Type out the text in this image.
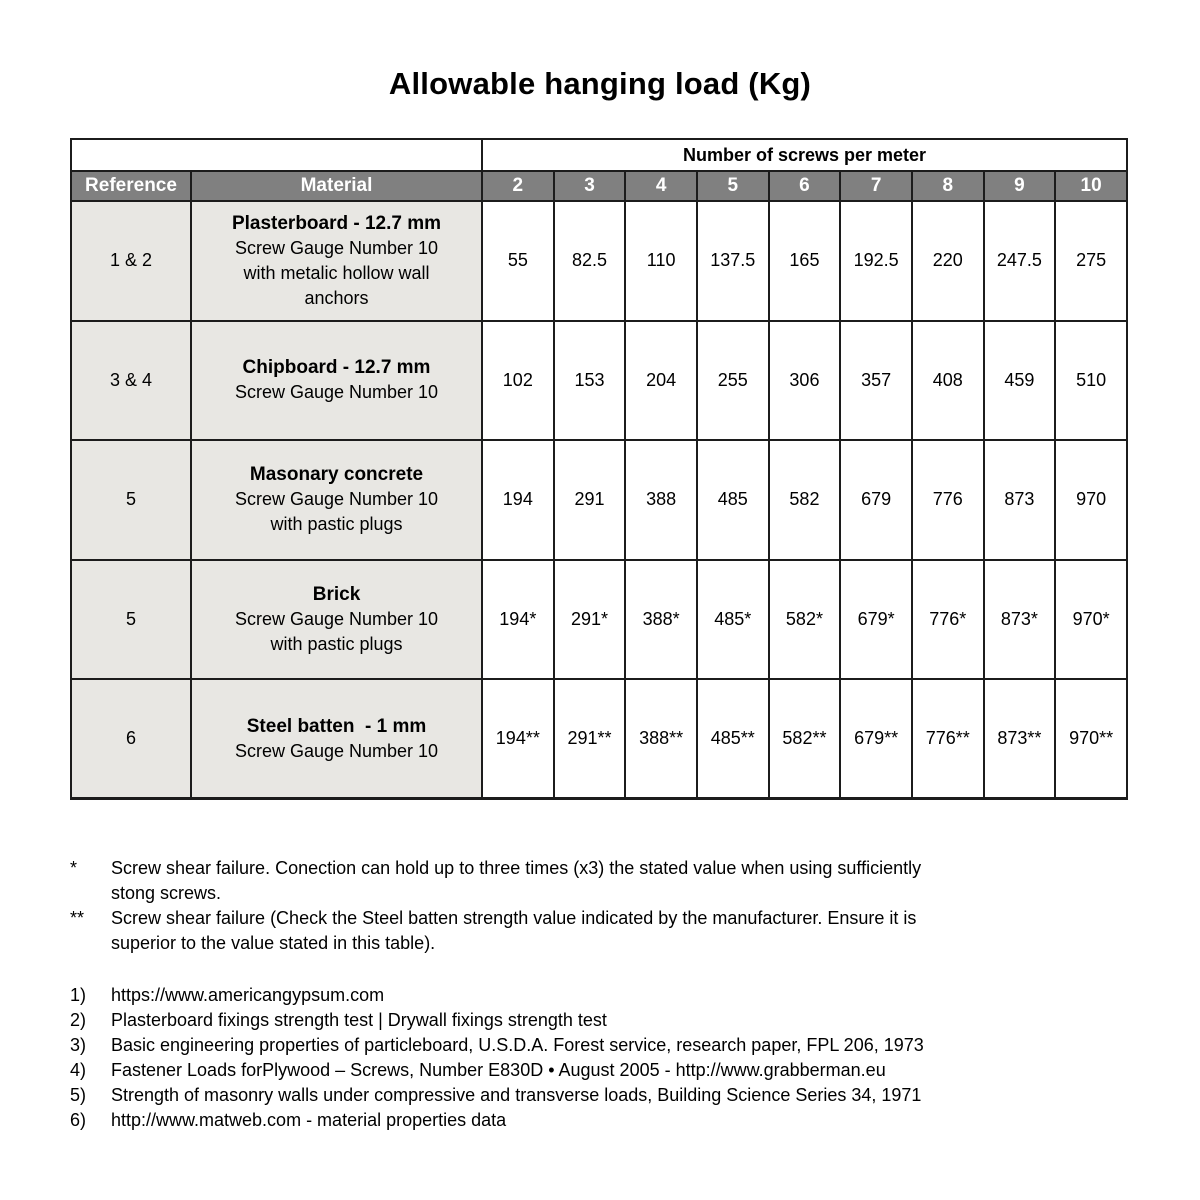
Allowable hanging load (Kg)
		Number of screws per meter								
Reference	Material	2	3	4	5	6	7	8	9	10
1 & 2	Plasterboard - 12.7 mm
Screw Gauge Number 10
with metalic hollow wall
anchors	55	82.5	110	137.5	165	192.5	220	247.5	275
3 & 4	Chipboard - 12.7 mm
Screw Gauge Number 10	102	153	204	255	306	357	408	459	510
5	Masonary concrete
Screw Gauge Number 10
with pastic plugs	194	291	388	485	582	679	776	873	970
5	Brick
Screw Gauge Number 10
with pastic plugs	194*	291*	388*	485*	582*	679*	776*	873*	970*
6	Steel batten  - 1 mm
Screw Gauge Number 10	194**	291**	388**	485**	582**	679**	776**	873**	970**
*	Screw shear failure. Conection can hold up to three times (x3) the stated value when using sufficiently
stong screws.
**	Screw shear failure (Check the Steel batten strength value indicated by the manufacturer. Ensure it is
superior to the value stated in this table).
1)	https://www.americangypsum.com
2)	Plasterboard fixings strength test | Drywall fixings strength test
3)	Basic engineering properties of particleboard, U.S.D.A. Forest service, research paper, FPL 206, 1973
4)	Fastener Loads forPlywood – Screws, Number E830D • August 2005 - http://www.grabberman.eu
5)	Strength of masonry walls under compressive and transverse loads, Building Science Series 34, 1971
6)	http://www.matweb.com - material properties data
